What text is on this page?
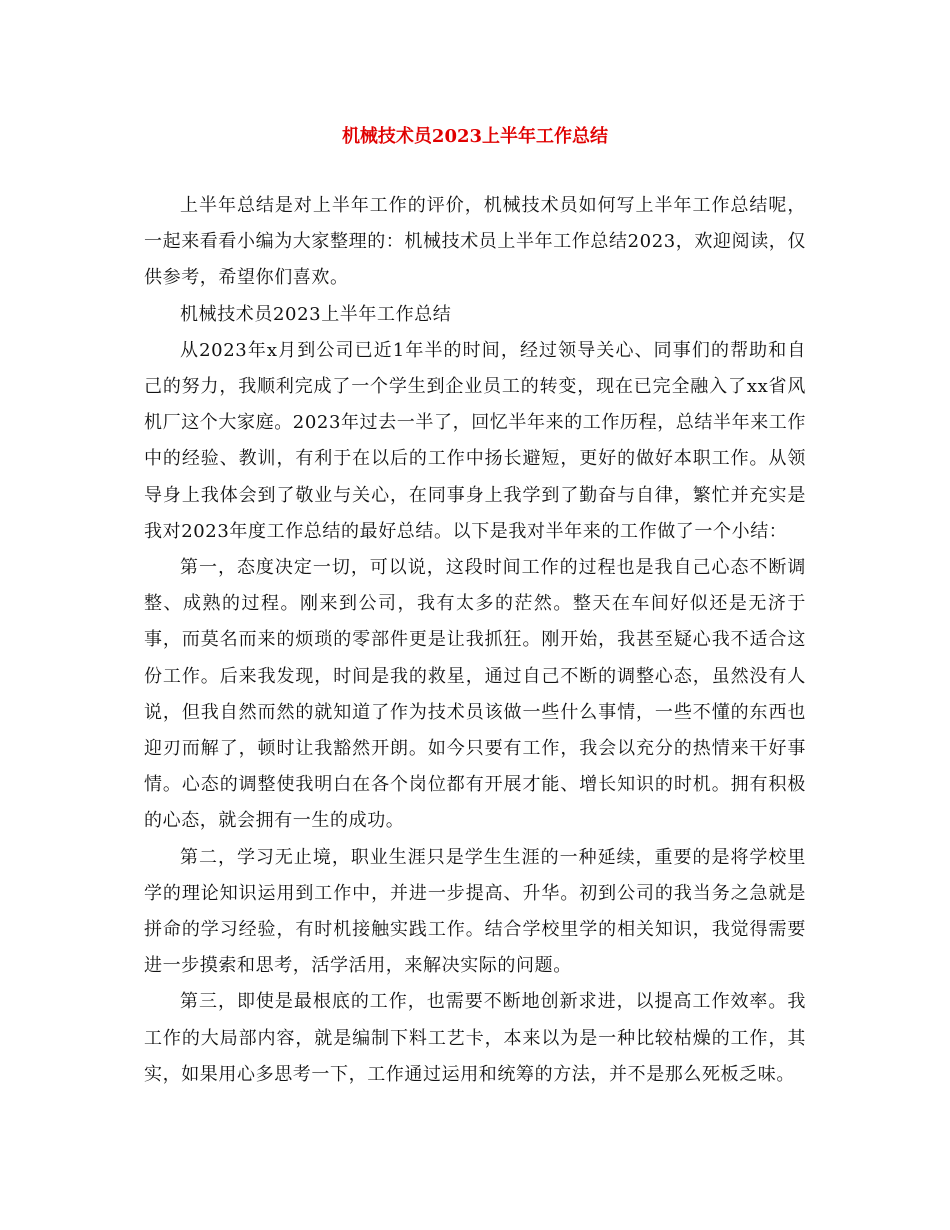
机械技术员2023上半年工作总结

上半年总结是对上半年工作的评价，机械技术员如何写上半年工作总结呢，一起来看看小编为大家整理的：机械技术员上半年工作总结2023，欢迎阅读，仅供参考，希望你们喜欢。

机械技术员2023上半年工作总结

从2023年x月到公司已近1年半的时间，经过领导关心、同事们的帮助和自己的努力，我顺利完成了一个学生到企业员工的转变，现在已完全融入了xx省风机厂这个大家庭。2023年过去一半了，回忆半年来的工作历程，总结半年来工作中的经验、教训，有利于在以后的工作中扬长避短，更好的做好本职工作。从领导身上我体会到了敬业与关心，在同事身上我学到了勤奋与自律，繁忙并充实是我对2023年度工作总结的最好总结。以下是我对半年来的工作做了一个小结：

第一，态度决定一切，可以说，这段时间工作的过程也是我自己心态不断调整、成熟的过程。刚来到公司，我有太多的茫然。整天在车间好似还是无济于事，而莫名而来的烦琐的零部件更是让我抓狂。刚开始，我甚至疑心我不适合这份工作。后来我发现，时间是我的救星，通过自己不断的调整心态，虽然没有人说，但我自然而然的就知道了作为技术员该做一些什么事情，一些不懂的东西也迎刃而解了，顿时让我豁然开朗。如今只要有工作，我会以充分的热情来干好事情。心态的调整使我明白在各个岗位都有开展才能、增长知识的时机。拥有积极的心态，就会拥有一生的成功。

第二，学习无止境，职业生涯只是学生生涯的一种延续，重要的是将学校里学的理论知识运用到工作中，并进一步提高、升华。初到公司的我当务之急就是拼命的学习经验，有时机接触实践工作。结合学校里学的相关知识，我觉得需要进一步摸索和思考，活学活用，来解决实际的问题。

第三，即使是最根底的工作，也需要不断地创新求进，以提高工作效率。我工作的大局部内容，就是编制下料工艺卡，本来以为是一种比较枯燥的工作，其实，如果用心多思考一下，工作通过运用和统筹的方法，并不是那么死板乏味。
